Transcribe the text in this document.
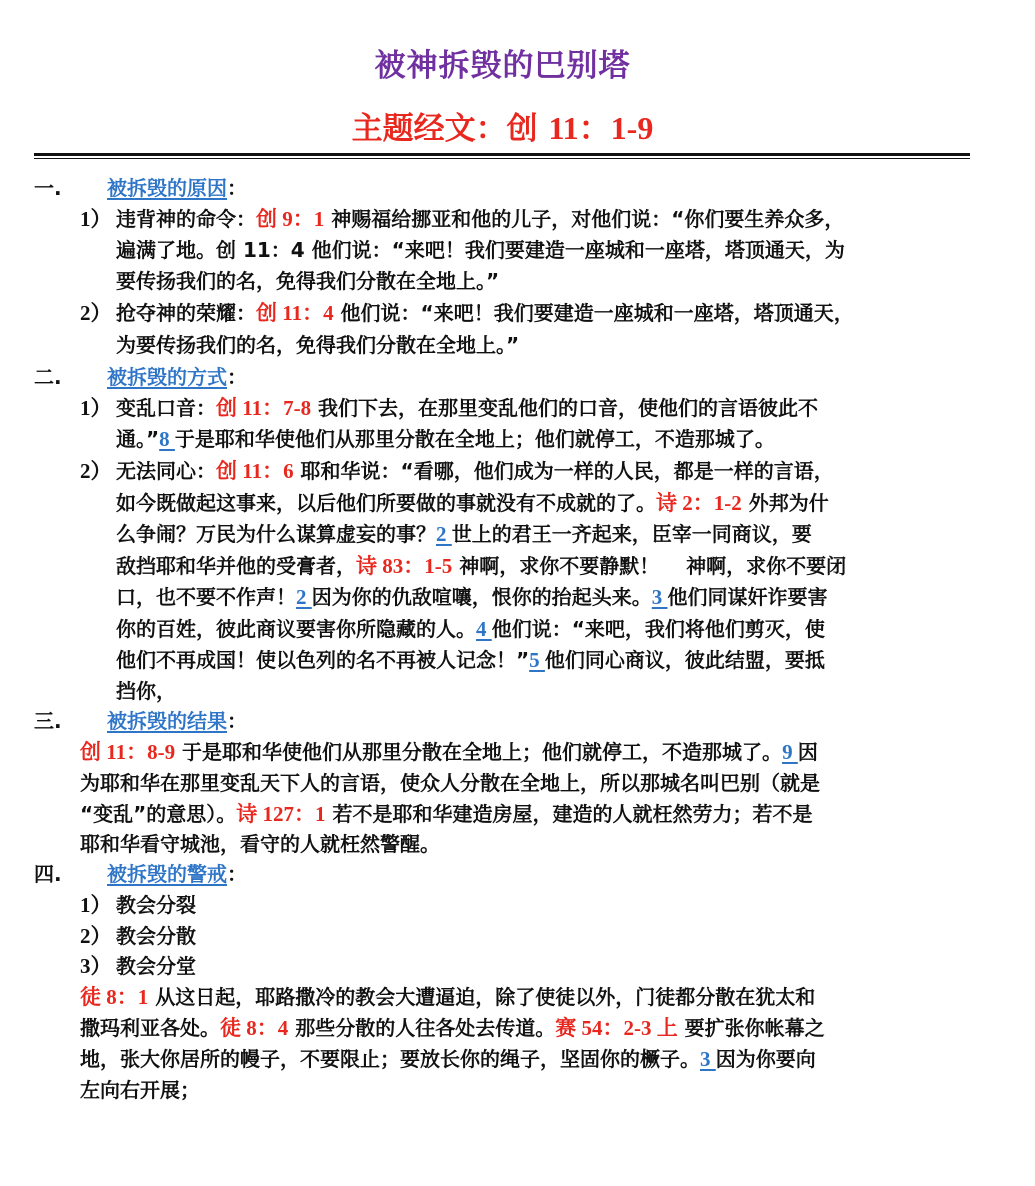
被神拆毁的巴别塔
主题经文：创 11：1-9
一. 被拆毁的原因：
1） 违背神的命令：创 9：1 神赐福给挪亚和他的儿子，对他们说：“你们要生养众多，
遍满了地。创 11：4 他们说：“来吧！我们要建造一座城和一座塔，塔顶通天，为
要传扬我们的名，免得我们分散在全地上。”
2） 抢夺神的荣耀：创 11：4 他们说：“来吧！我们要建造一座城和一座塔，塔顶通天，
为要传扬我们的名，免得我们分散在全地上。”
二. 被拆毁的方式：
1） 变乱口音：创 11：7-8 我们下去，在那里变乱他们的口音，使他们的言语彼此不
通。”8 于是耶和华使他们从那里分散在全地上；他们就停工，不造那城了。
2） 无法同心：创 11：6 耶和华说：“看哪，他们成为一样的人民，都是一样的言语，
如今既做起这事来，以后他们所要做的事就没有不成就的了。诗 2：1-2 外邦为什
么争闹？万民为什么谋算虚妄的事？2 世上的君王一齐起来，臣宰一同商议，要
敌挡耶和华并他的受膏者，诗 83：1-5 神啊，求你不要静默！　 神啊，求你不要闭
口，也不要不作声！2 因为你的仇敌喧嚷，恨你的抬起头来。3 他们同谋奸诈要害
你的百姓，彼此商议要害你所隐藏的人。4 他们说：“来吧，我们将他们剪灭，使
他们不再成国！使以色列的名不再被人记念！”5 他们同心商议，彼此结盟，要抵
挡你，
三. 被拆毁的结果：
创 11：8-9 于是耶和华使他们从那里分散在全地上；他们就停工，不造那城了。9 因
为耶和华在那里变乱天下人的言语，使众人分散在全地上，所以那城名叫巴别（就是
“变乱”的意思）。诗 127：1 若不是耶和华建造房屋，建造的人就枉然劳力；若不是
耶和华看守城池，看守的人就枉然警醒。
四. 被拆毁的警戒：
1） 教会分裂
2） 教会分散
3） 教会分堂
徒 8：1 从这日起，耶路撒冷的教会大遭逼迫，除了使徒以外，门徒都分散在犹太和
撒玛利亚各处。徒 8：4 那些分散的人往各处去传道。赛 54：2-3 上 要扩张你帐幕之
地，张大你居所的幔子，不要限止；要放长你的绳子，坚固你的橛子。3 因为你要向
左向右开展；
